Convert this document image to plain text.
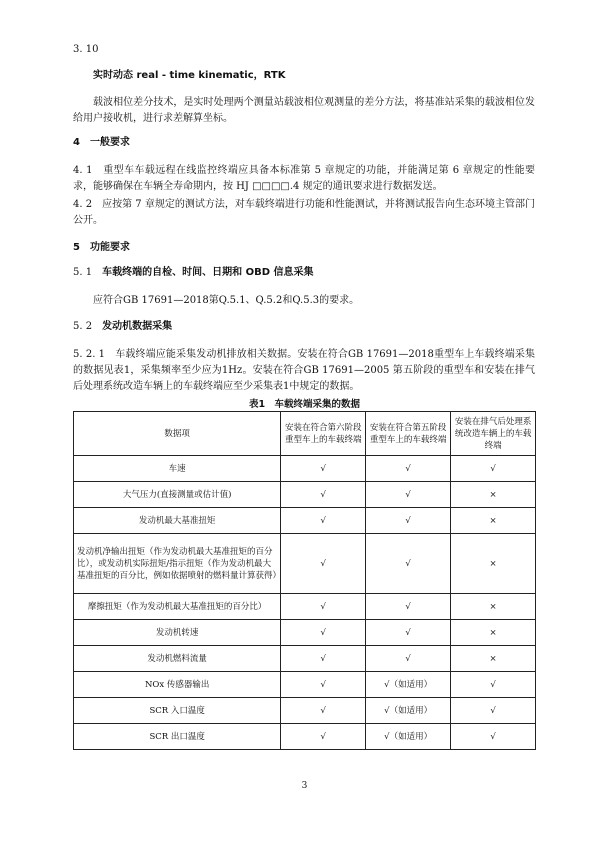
3. 10
实时动态 real - time kinematic，RTK
载波相位差分技术，是实时处理两个测量站载波相位观测量的差分方法，将基准站采集的载波相位发给用户接收机，进行求差解算坐标。
4　一般要求
4. 1　 重型车车载远程在线监控终端应具备本标准第 5 章规定的功能，并能满足第 6 章规定的性能要求，能够确保在车辆全寿命期内，按 HJ □□□□.4 规定的通讯要求进行数据发送。
4. 2　 应按第 7 章规定的测试方法，对车载终端进行功能和性能测试，并将测试报告向生态环境主管部门公开。
5　功能要求
5. 1　 车载终端的自检、时间、日期和 OBD 信息采集
应符合GB 17691—2018第Q.5.1、Q.5.2和Q.5.3的要求。
5. 2　 发动机数据采集
5. 2. 1　 车载终端应能采集发动机排放相关数据。安装在符合GB 17691—2018重型车上车载终端采集的数据见表1，采集频率至少应为1Hz。安装在符合GB 17691—2005 第五阶段的重型车和安装在排气后处理系统改造车辆上的车载终端应至少采集表1中规定的数据。
表1　车载终端采集的数据
数据项	安装在符合第六阶段重型车上的车载终端	安装在符合第五阶段重型车上的车载终端	安装在排气后处理系统改造车辆上的车载终端
车速	√	√	√
大气压力(直接测量或估计值)	√	√	×
发动机最大基准扭矩	√	√	×
发动机净输出扭矩（作为发动机最大基准扭矩的百分比），或发动机实际扭矩/指示扭矩（作为发动机最大基准扭矩的百分比，例如依据喷射的燃料量计算获得）	√	√	×
摩擦扭矩（作为发动机最大基准扭矩的百分比）	√	√	×
发动机转速	√	√	×
发动机燃料流量	√	√	×
NOx 传感器输出	√	√（如适用）	√
SCR 入口温度	√	√（如适用）	√
SCR 出口温度	√	√（如适用）	√
3
